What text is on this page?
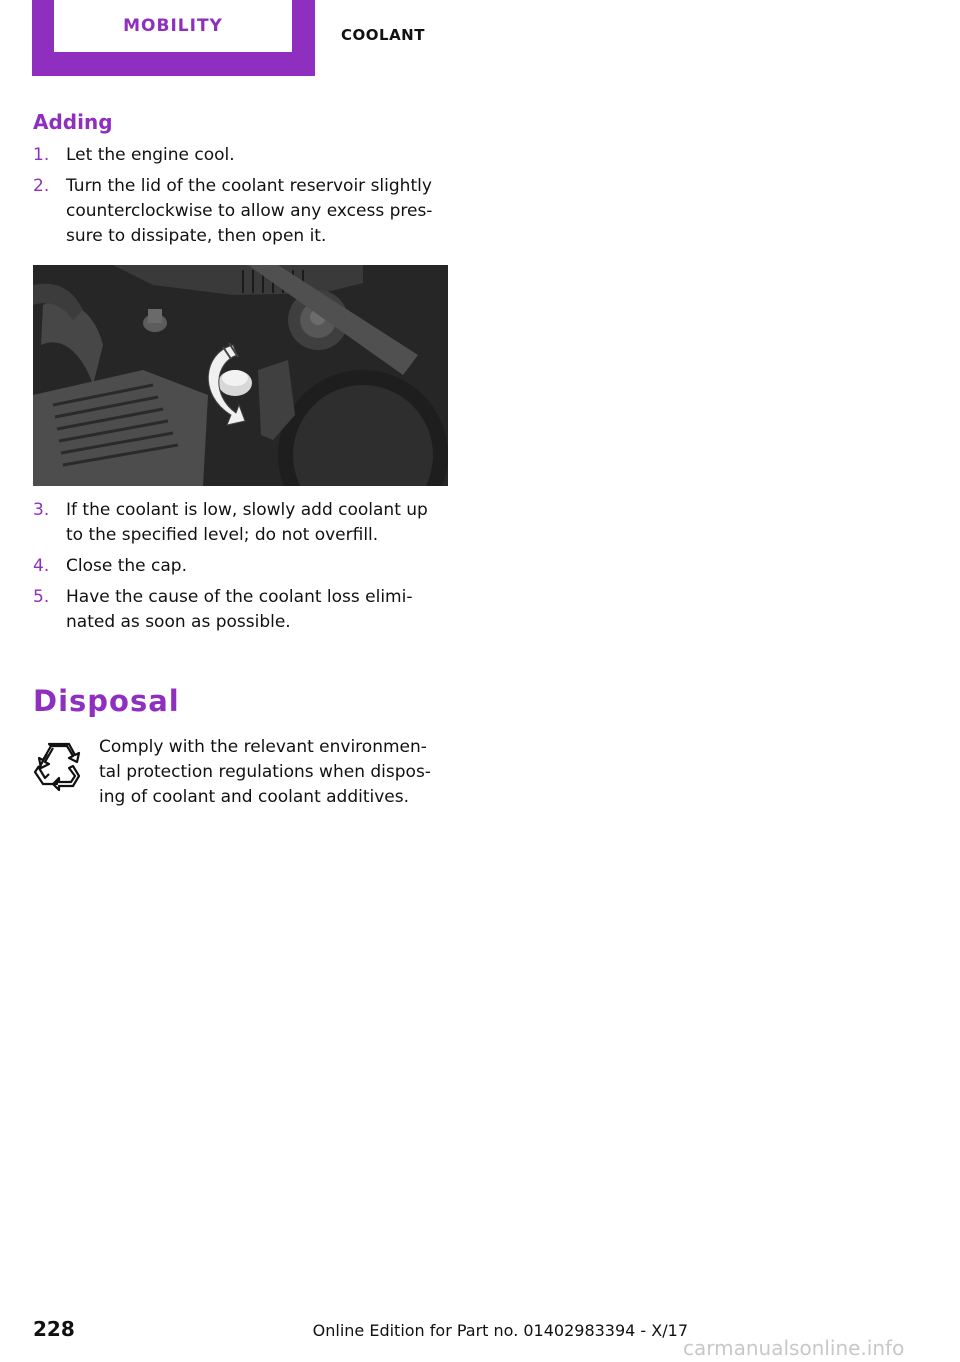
MOBILITY	COOLANT
Adding
1. Let the engine cool.
2. Turn the lid of the coolant reservoir slightly counterclockwise to allow any excess pres‐ sure to dissipate, then open it.
3. If the coolant is low, slowly add coolant up to the specified level; do not overfill.
4. Close the cap.
5. Have the cause of the coolant loss elimi‐ nated as soon as possible.
Disposal
Comply with the relevant environmen‐ tal protection regulations when dispos‐ ing of coolant and coolant additives.
228	Online Edition for Part no. 01402983394 - X/17
carmanualsonline.info
